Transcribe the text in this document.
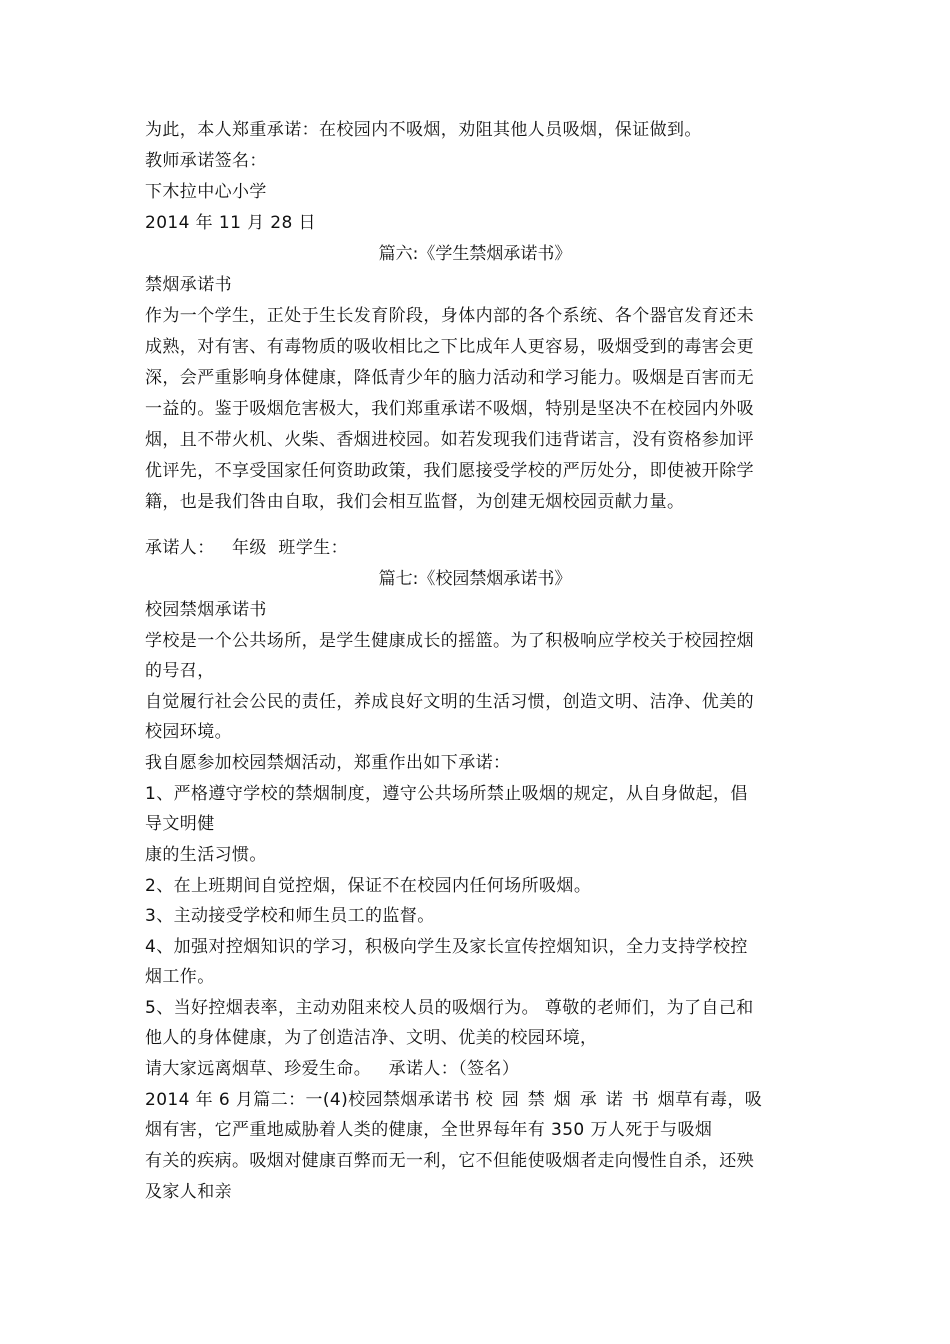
为此，本人郑重承诺：在校园内不吸烟，劝阻其他人员吸烟，保证做到。
教师承诺签名：
下木拉中心小学
2014 年 11 月 28 日
篇六:《学生禁烟承诺书》
禁烟承诺书
作为一个学生，正处于生长发育阶段，身体内部的各个系统、各个器官发育还未
成熟，对有害、有毒物质的吸收相比之下比成年人更容易，吸烟受到的毒害会更
深，会严重影响身体健康，降低青少年的脑力活动和学习能力。吸烟是百害而无
一益的。鉴于吸烟危害极大，我们郑重承诺不吸烟，特别是坚决不在校园内外吸
烟，且不带火机、火柴、香烟进校园。如若发现我们违背诺言，没有资格参加评
优评先，不享受国家任何资助政策，我们愿接受学校的严厉处分，即使被开除学
籍，也是我们咎由自取，我们会相互监督，为创建无烟校园贡献力量。
承诺人：   年级  班学生：
篇七:《校园禁烟承诺书》
校园禁烟承诺书
学校是一个公共场所，是学生健康成长的摇篮。为了积极响应学校关于校园控烟
的号召，
自觉履行社会公民的责任，养成良好文明的生活习惯，创造文明、洁净、优美的
校园环境。
我自愿参加校园禁烟活动，郑重作出如下承诺：
1、严格遵守学校的禁烟制度，遵守公共场所禁止吸烟的规定，从自身做起，倡
导文明健
康的生活习惯。
2、在上班期间自觉控烟，保证不在校园内任何场所吸烟。
3、主动接受学校和师生员工的监督。
4、加强对控烟知识的学习，积极向学生及家长宣传控烟知识，全力支持学校控
烟工作。
5、当好控烟表率，主动劝阻来校人员的吸烟行为。 尊敬的老师们，为了自己和
他人的身体健康，为了创造洁净、文明、优美的校园环境，
请大家远离烟草、珍爱生命。   承诺人：（签名）
2014 年 6 月篇二：一(4)校园禁烟承诺书 校园禁烟承诺书烟草有毒，吸
烟有害，它严重地威胁着人类的健康，全世界每年有 350 万人死于与吸烟
有关的疾病。吸烟对健康百弊而无一利，它不但能使吸烟者走向慢性自杀，还殃
及家人和亲
